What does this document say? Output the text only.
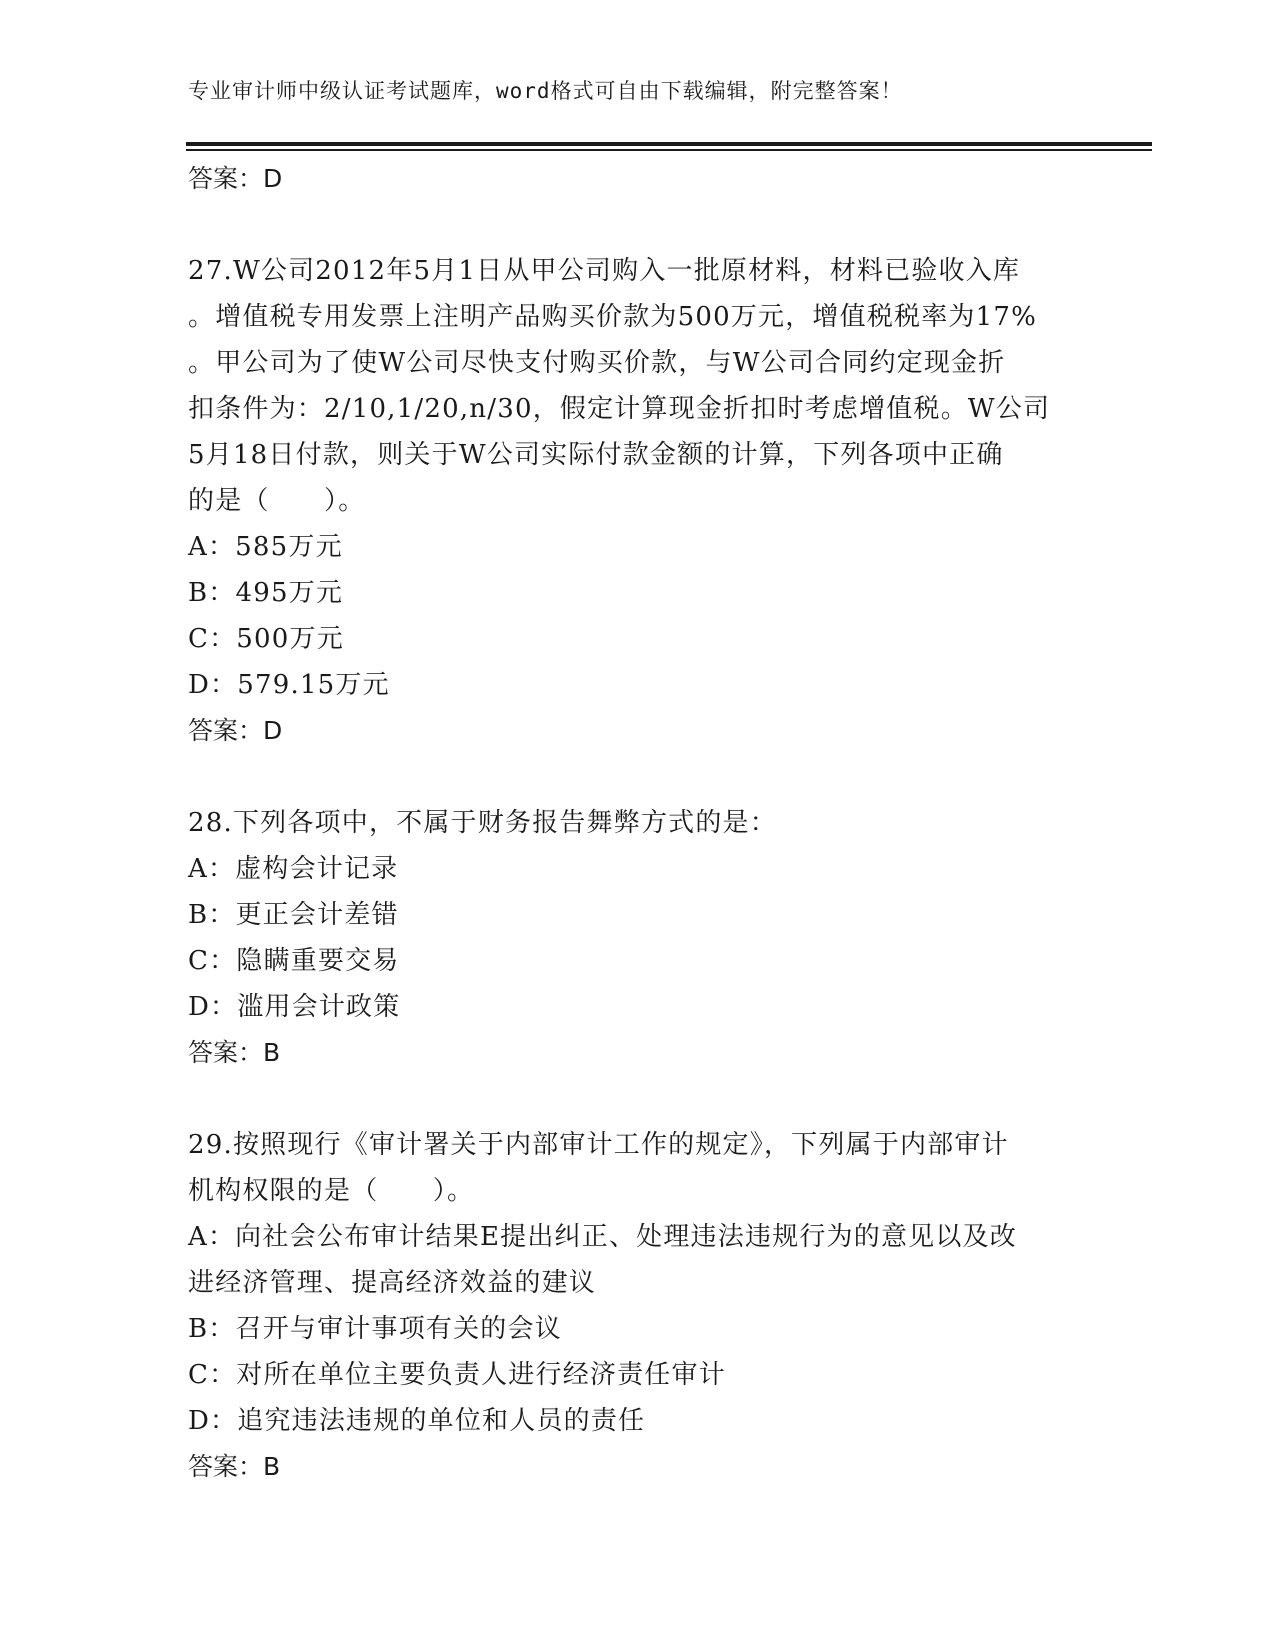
专业审计师中级认证考试题库，word格式可自由下载编辑，附完整答案！
答案：D
27.W公司2012年5月1日从甲公司购入一批原材料，材料已验收入库
。增值税专用发票上注明产品购买价款为500万元，增值税税率为17%
。甲公司为了使W公司尽快支付购买价款，与W公司合同约定现金折
扣条件为：2/10,1/20,n/30，假定计算现金折扣时考虑增值税。W公司
5月18日付款，则关于W公司实际付款金额的计算，下列各项中正确
的是（　　）。
A：585万元
B：495万元
C：500万元
D：579.15万元
答案：D
28.下列各项中，不属于财务报告舞弊方式的是：
A：虚构会计记录
B：更正会计差错
C：隐瞒重要交易
D：滥用会计政策
答案：B
29.按照现行《审计署关于内部审计工作的规定》，下列属于内部审计
机构权限的是（　　）。
A：向社会公布审计结果E提出纠正、处理违法违规行为的意见以及改
进经济管理、提高经济效益的建议
B：召开与审计事项有关的会议
C：对所在单位主要负责人进行经济责任审计
D：追究违法违规的单位和人员的责任
答案：B
